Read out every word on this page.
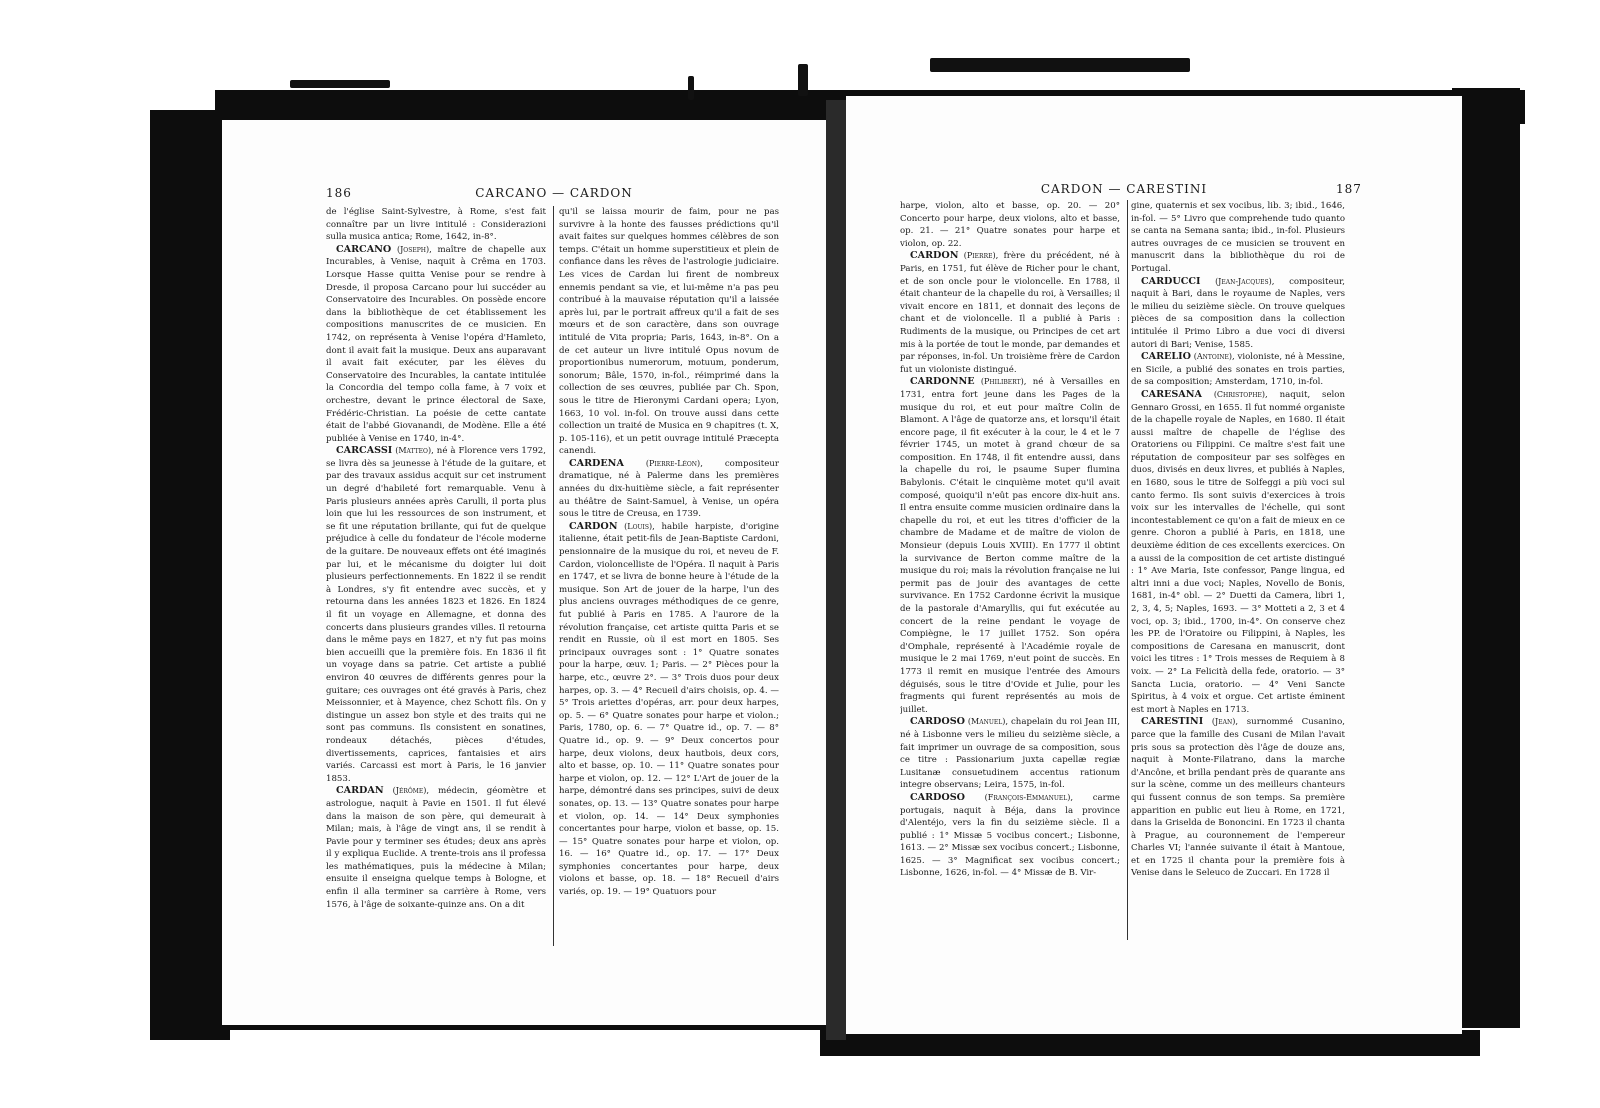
186	CARCANO — CARDON

de l'église Saint-Sylvestre, à Rome, s'est fait connaître par un livre intitulé : Considerazioni sulla musica antica; Rome, 1642, in-8°.

CARCANO (Joseph), maître de chapelle aux Incurables, à Venise, naquit à Crêma en 1703. Lorsque Hasse quitta Venise pour se rendre à Dresde, il proposa Carcano pour lui succéder au Conservatoire des Incurables. On possède encore dans la bibliothèque de cet établissement les compositions manuscrites de ce musicien. En 1742, on représenta à Venise l'opéra d'Hamleto, dont il avait fait la musique. Deux ans auparavant il avait fait exécuter, par les élèves du Conservatoire des Incurables, la cantate intitulée la Concordia del tempo colla fame, à 7 voix et orchestre, devant le prince électoral de Saxe, Frédéric-Christian. La poésie de cette cantate était de l'abbé Giovanandi, de Modène. Elle a été publiée à Venise en 1740, in-4°.

CARCASSI (Matteo), né à Florence vers 1792, se livra dès sa jeunesse à l'étude de la guitare, et par des travaux assidus acquit sur cet instrument un degré d'habileté fort remarquable. Venu à Paris plusieurs années après Carulli, il porta plus loin que lui les ressources de son instrument, et se fit une réputation brillante, qui fut de quelque préjudice à celle du fondateur de l'école moderne de la guitare. De nouveaux effets ont été imaginés par lui, et le mécanisme du doigter lui doit plusieurs perfectionnements. En 1822 il se rendit à Londres, s'y fit entendre avec succès, et y retourna dans les années 1823 et 1826. En 1824 il fit un voyage en Allemagne, et donna des concerts dans plusieurs grandes villes. Il retourna dans le même pays en 1827, et n'y fut pas moins bien accueilli que la première fois. En 1836 il fit un voyage dans sa patrie. Cet artiste a publié environ 40 œuvres de différents genres pour la guitare; ces ouvrages ont été gravés à Paris, chez Meissonnier, et à Mayence, chez Schott fils. On y distingue un assez bon style et des traits qui ne sont pas communs. Ils consistent en sonatines, rondeaux détachés, pièces d'études, divertissements, caprices, fantaisies et airs variés. Carcassi est mort à Paris, le 16 janvier 1853.

CARDAN (Jérôme), médecin, géomètre et astrologue, naquit à Pavie en 1501. Il fut élevé dans la maison de son père, qui demeurait à Milan; mais, à l'âge de vingt ans, il se rendit à Pavie pour y terminer ses études; deux ans après il y expliqua Euclide. A trente-trois ans il professa les mathématiques, puis la médecine à Milan; ensuite il enseigna quelque temps à Bologne, et enfin il alla terminer sa carrière à Rome, vers 1576, à l'âge de soixante-quinze ans. On a dit

qu'il se laissa mourir de faim, pour ne pas survivre à la honte des fausses prédictions qu'il avait faites sur quelques hommes célèbres de son temps. C'était un homme superstitieux et plein de confiance dans les rêves de l'astrologie judiciaire. Les vices de Cardan lui firent de nombreux ennemis pendant sa vie, et lui-même n'a pas peu contribué à la mauvaise réputation qu'il a laissée après lui, par le portrait affreux qu'il a fait de ses mœurs et de son caractère, dans son ouvrage intitulé de Vita propria; Paris, 1643, in-8°. On a de cet auteur un livre intitulé Opus novum de proportionibus numerorum, motuum, ponderum, sonorum; Bâle, 1570, in-fol., réimprimé dans la collection de ses œuvres, publiée par Ch. Spon, sous le titre de Hieronymi Cardani opera; Lyon, 1663, 10 vol. in-fol. On trouve aussi dans cette collection un traité de Musica en 9 chapitres (t. X, p. 105-116), et un petit ouvrage intitulé Præcepta canendi.

CARDENA	(Pierre-Léon), compositeur dramatique, né à Palerme dans les premières années du dix-huitième siècle, a fait représenter au théâtre de Saint-Samuel, à Venise, un opéra sous le titre de Creusa, en 1739.

CARDON (Louis), habile harpiste, d'origine italienne, était petit-fils de Jean-Baptiste Cardoni, pensionnaire de la musique du roi, et neveu de F. Cardon, violoncelliste de l'Opéra. Il naquit à Paris en 1747, et se livra de bonne heure à l'étude de la musique. Son Art de jouer de la harpe, l'un des plus anciens ouvrages méthodiques de ce genre, fut publié à Paris en 1785. A l'aurore de la révolution française, cet artiste quitta Paris et se rendit en Russie, où il est mort en 1805. Ses principaux ouvrages sont : 1° Quatre sonates pour la harpe, œuv. 1; Paris. — 2° Pièces pour la harpe, etc., œuvre 2°. — 3° Trois duos pour deux harpes, op. 3. — 4° Recueil d'airs choisis, op. 4. — 5° Trois ariettes d'opéras, arr. pour deux harpes, op. 5. — 6° Quatre sonates pour harpe et violon.; Paris, 1780, op. 6. — 7° Quatre id., op. 7. — 8° Quatre id., op. 9. — 9° Deux concertos pour harpe, deux violons, deux hautbois, deux cors, alto et basse, op. 10. — 11° Quatre sonates pour harpe et violon, op. 12. — 12° L'Art de jouer de la harpe, démontré dans ses principes, suivi de deux sonates, op. 13. — 13° Quatre sonates pour harpe et violon, op. 14. — 14° Deux symphonies concertantes pour harpe, violon et basse, op. 15. — 15° Quatre sonates pour harpe et violon, op. 16. — 16° Quatre id., op. 17. — 17° Deux symphonies concertantes pour harpe, deux violons et basse, op. 18. — 18° Recueil d'airs variés, op. 19. — 19° Quatuors pour

CARDON — CARESTINI	187

harpe, violon, alto et basse, op. 20. — 20° Concerto pour harpe, deux violons, alto et basse, op. 21. — 21° Quatre sonates pour harpe et violon, op. 22.

CARDON (Pierre), frère du précédent, né à Paris, en 1751, fut élève de Richer pour le chant, et de son oncle pour le violoncelle. En 1788, il était chanteur de la chapelle du roi, à Versailles; il vivait encore en 1811, et donnait des leçons de chant et de violoncelle. Il a publié à Paris : Rudiments de la musique, ou Principes de cet art mis à la portée de tout le monde, par demandes et par réponses, in-fol. Un troisième frère de Cardon fut un violoniste distingué.

CARDONNE (Philibert), né à Versailles en 1731, entra fort jeune dans les Pages de la musique du roi, et eut pour maître Colin de Blamont. A l'âge de quatorze ans, et lorsqu'il était encore page, il fit exécuter à la cour, le 4 et le 7 février 1745, un motet à grand chœur de sa composition. En 1748, il fit entendre aussi, dans la chapelle du roi, le psaume Super flumina Babylonis. C'était le cinquième motet qu'il avait composé, quoiqu'il n'eût pas encore dix-huit ans. Il entra ensuite comme musicien ordinaire dans la chapelle du roi, et eut les titres d'officier de la chambre de Madame et de maître de violon de Monsieur (depuis Louis XVIII). En 1777 il obtint la survivance de Berton comme maître de la musique du roi; mais la révolution française ne lui permit pas de jouir des avantages de cette survivance. En 1752 Cardonne écrivit la musique de la pastorale d'Amaryllis, qui fut exécutée au concert de la reine pendant le voyage de Compiègne, le 17 juillet 1752. Son opéra d'Omphale, représenté à l'Académie royale de musique le 2 mai 1769, n'eut point de succès. En 1773 il remit en musique l'entrée des Amours déguisés, sous le titre d'Ovide et Julie, pour les fragments qui furent représentés au mois de juillet.

CARDOSO (Manuel), chapelain du roi Jean III, né à Lisbonne vers le milieu du seizième siècle, a fait imprimer un ouvrage de sa composition, sous ce titre : Passionarium juxta capellæ regiæ Lusitanæ consuetudinem accentus rationum integre observans; Leira, 1575, in-fol.

CARDOSO (François-Emmanuel), carme portugais, naquit à Béja, dans la province d'Alentéjo, vers la fin du seizième siècle. Il a publié : 1° Missæ 5 vocibus concert.; Lisbonne, 1613. — 2° Missæ sex vocibus concert.; Lisbonne, 1625. — 3° Magnificat sex vocibus concert.; Lisbonne, 1626, in-fol. — 4° Missæ de B. Vir-

gine, quaternis et sex vocibus, lib. 3; ibid., 1646, in-fol. — 5° Livro que comprehende tudo quanto se canta na Semana santa; ibid., in-fol. Plusieurs autres ouvrages de ce musicien se trouvent en manuscrit dans la bibliothèque du roi de Portugal.

CARDUCCI (Jean-Jacques), compositeur, naquit à Bari, dans le royaume de Naples, vers le milieu du seizième siècle. On trouve quelques pièces de sa composition dans la collection intitulée il Primo Libro a due voci di diversi autori di Bari; Venise, 1585.

CARELIO (Antoine), violoniste, né à Messine, en Sicile, a publié des sonates en trois parties, de sa composition; Amsterdam, 1710, in-fol.

CARESANA (Christophe), naquit, selon Gennaro Grossi, en 1655. Il fut nommé organiste de la chapelle royale de Naples, en 1680. Il était aussi maître de chapelle de l'église des Oratoriens ou Filippini. Ce maître s'est fait une réputation de compositeur par ses solfèges en duos, divisés en deux livres, et publiés à Naples, en 1680, sous le titre de Solfeggi a più voci sul canto fermo. Ils sont suivis d'exercices à trois voix sur les intervalles de l'échelle, qui sont incontestablement ce qu'on a fait de mieux en ce genre. Choron a publié à Paris, en 1818, une deuxième édition de ces excellents exercices. On a aussi de la composition de cet artiste distingué : 1° Ave Maria, Iste confessor, Pange lingua, ed altri inni a due voci; Naples, Novello de Bonis, 1681, in-4° obl. — 2° Duetti da Camera, libri 1, 2, 3, 4, 5; Naples, 1693. — 3° Motteti a 2, 3 et 4 voci, op. 3; ibid., 1700, in-4°. On conserve chez les PP. de l'Oratoire ou Filippini, à Naples, les compositions de Caresana en manuscrit, dont voici les titres : 1° Trois messes de Requiem à 8 voix. — 2° La Felicità della fede, oratorio. — 3° Sancta Lucia, oratorio. — 4° Veni Sancte Spiritus, à 4 voix et orgue. Cet artiste éminent est mort à Naples en 1713.

CARESTINI (Jean), surnommé Cusanino, parce que la famille des Cusani de Milan l'avait pris sous sa protection dès l'âge de douze ans, naquit à Monte-Filatrano, dans la marche d'Ancône, et brilla pendant près de quarante ans sur la scène, comme un des meilleurs chanteurs qui fussent connus de son temps. Sa première apparition en public eut lieu à Rome, en 1721, dans la Griselda de Bononcini. En 1723 il chanta à Prague, au couronnement de l'empereur Charles VI; l'année suivante il était à Mantoue, et en 1725 il chanta pour la première fois à Venise dans le Seleuco de Zuccari. En 1728 il
